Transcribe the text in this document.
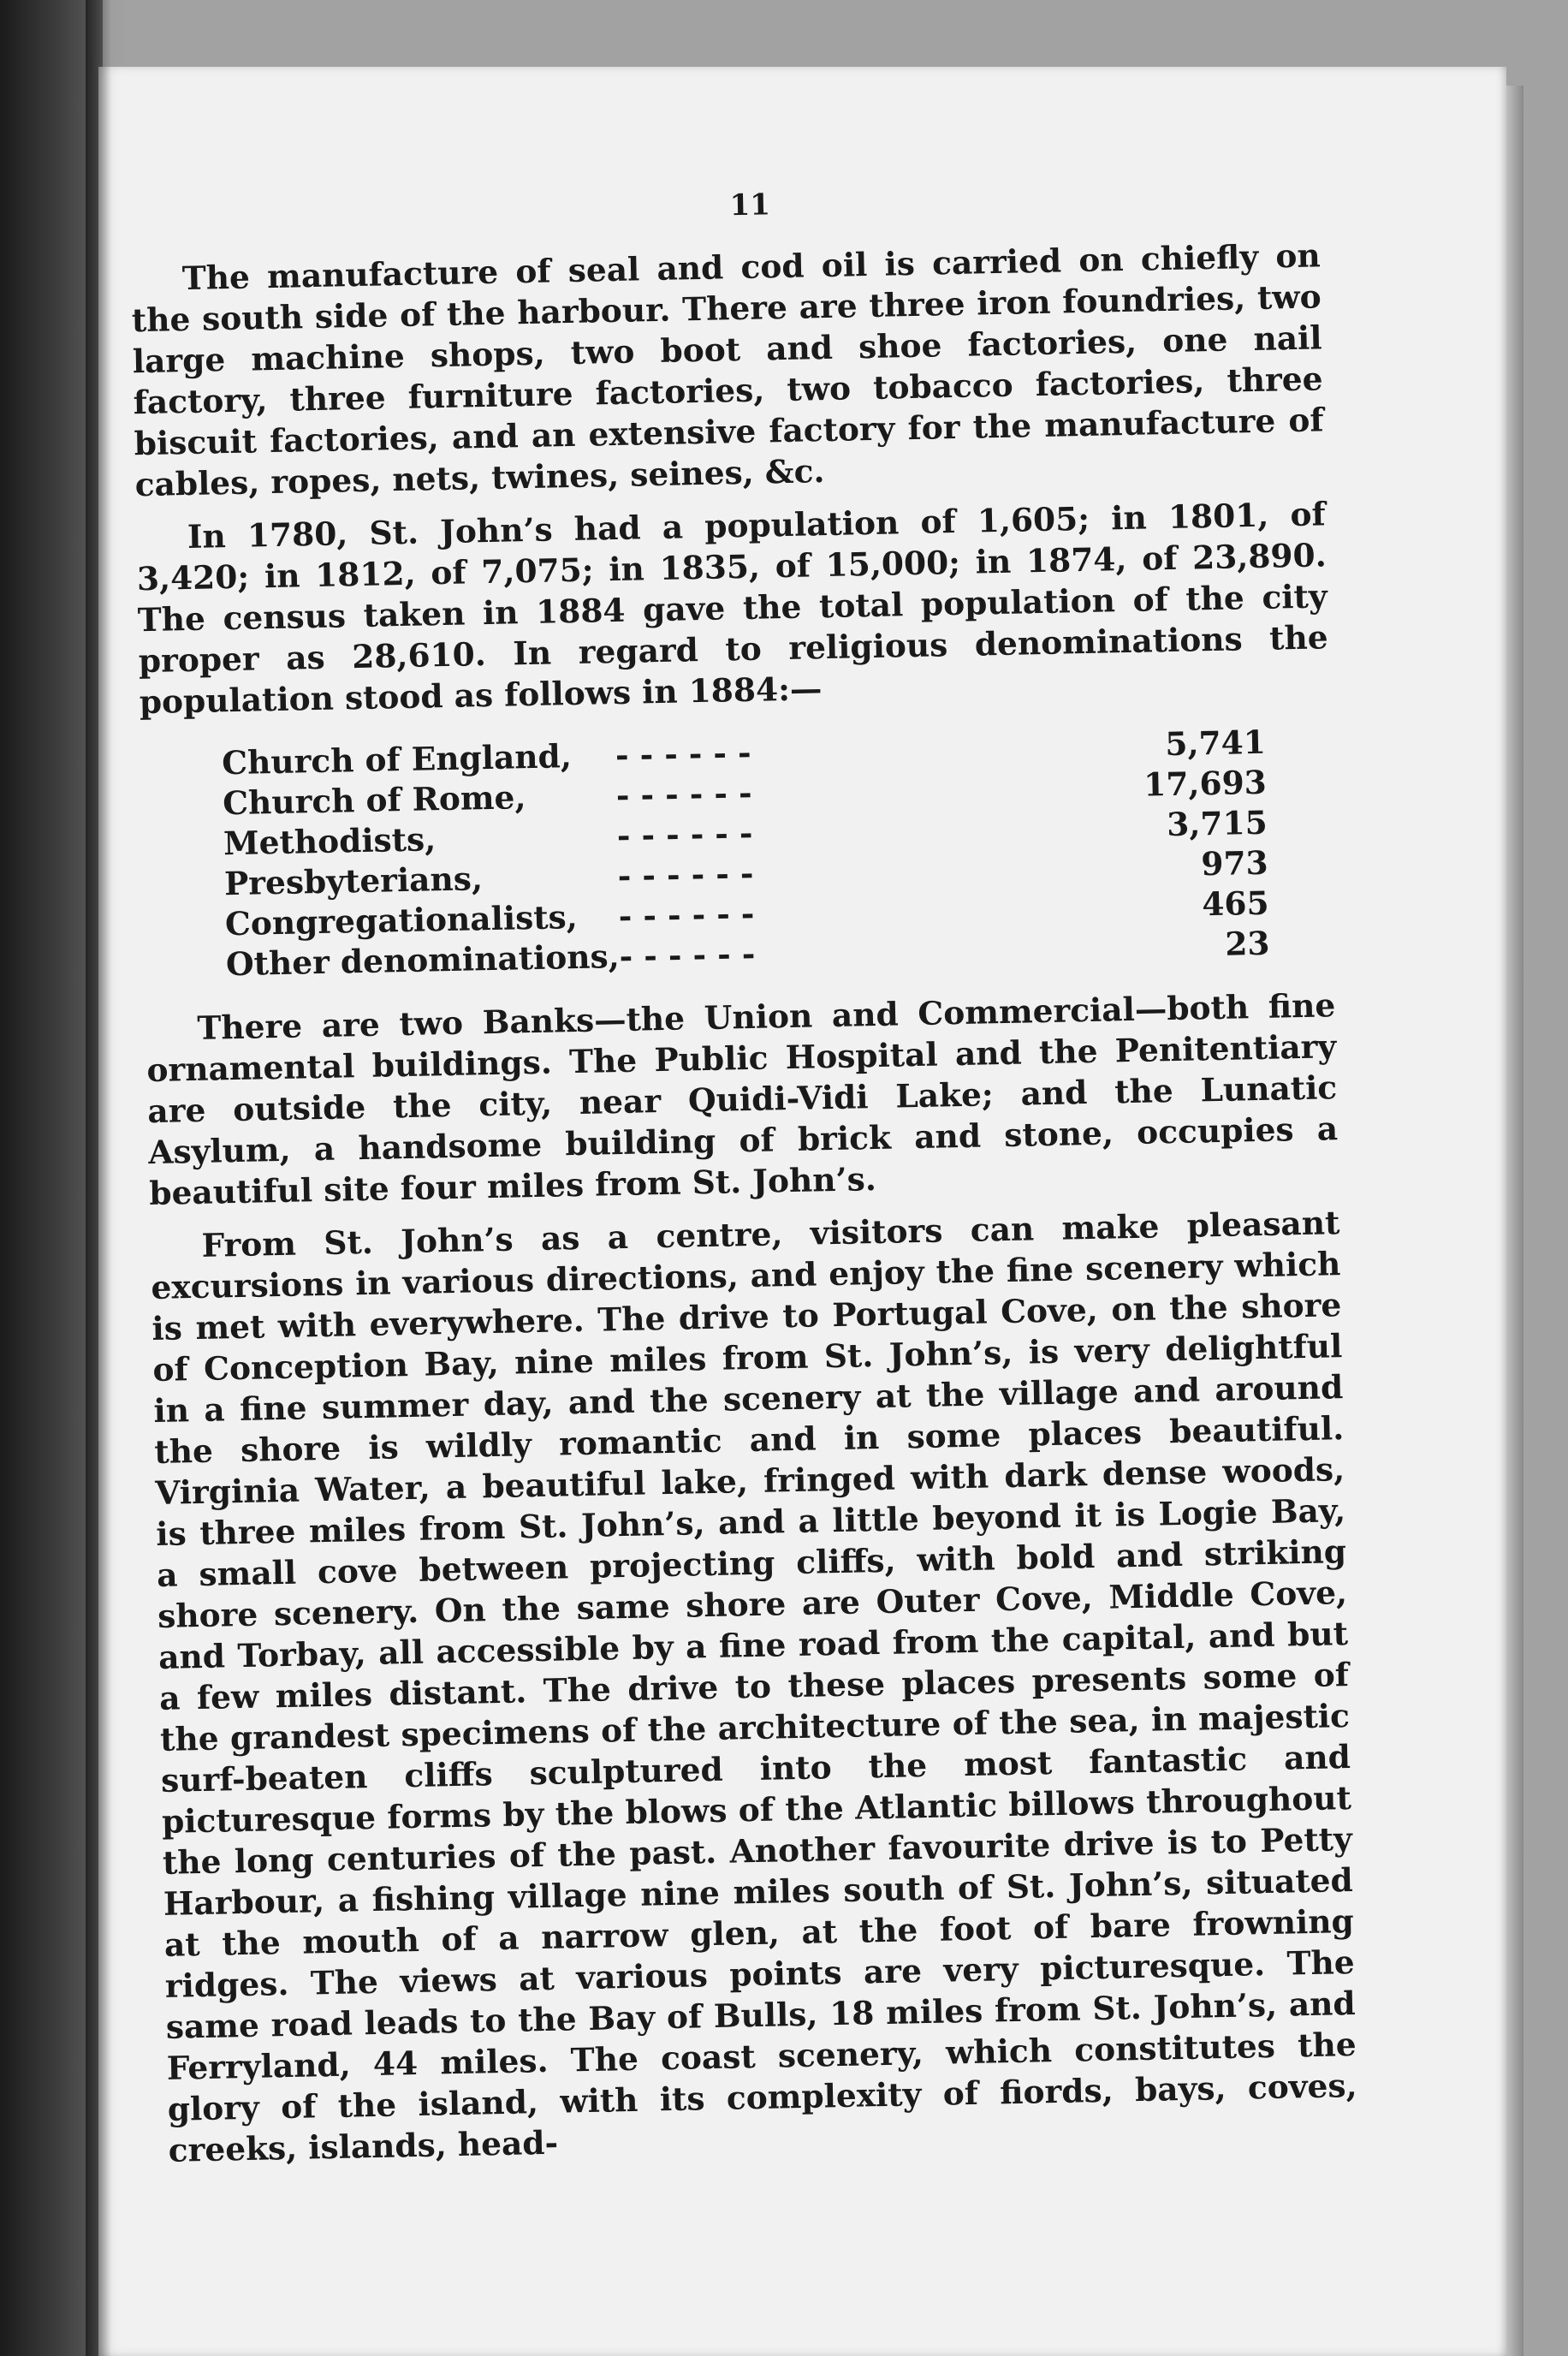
11

The manufacture of seal and cod oil is carried on chiefly on the south side of the harbour. There are three iron foundries, two large machine shops, two boot and shoe factories, one nail factory, three furniture factories, two tobacco factories, three biscuit factories, and an extensive factory for the manufacture of cables, ropes, nets, twines, seines, &c.

In 1780, St. John’s had a population of 1,605; in 1801, of 3,420; in 1812, of 7,075; in 1835, of 15,000; in 1874, of 23,890. The census taken in 1884 gave the total population of the city proper as 28,610. In regard to religious denominations the population stood as follows in 1884:—

Church of England,	- - - - - -	5,741
Church of Rome,	- - - - - -	17,693
Methodists,	- - - - - -	3,715
Presbyterians,	- - - - - -	973
Congregationalists,	- - - - - -	465
Other denominations,	- - - - - -	23

There are two Banks—the Union and Commercial—both fine ornamental buildings. The Public Hospital and the Penitentiary are outside the city, near Quidi-Vidi Lake; and the Lunatic Asylum, a handsome building of brick and stone, occupies a beautiful site four miles from St. John’s.

From St. John’s as a centre, visitors can make pleasant excursions in various directions, and enjoy the fine scenery which is met with everywhere. The drive to Portugal Cove, on the shore of Conception Bay, nine miles from St. John’s, is very delightful in a fine summer day, and the scenery at the village and around the shore is wildly romantic and in some places beautiful. Virginia Water, a beautiful lake, fringed with dark dense woods, is three miles from St. John’s, and a little beyond it is Logie Bay, a small cove between projecting cliffs, with bold and striking shore scenery. On the same shore are Outer Cove, Middle Cove, and Torbay, all accessible by a fine road from the capital, and but a few miles distant. The drive to these places presents some of the grandest specimens of the architecture of the sea, in majestic surf-beaten cliffs sculptured into the most fantastic and picturesque forms by the blows of the Atlantic billows throughout the long centuries of the past. Another favourite drive is to Petty Harbour, a fishing village nine miles south of St. John’s, situated at the mouth of a narrow glen, at the foot of bare frowning ridges. The views at various points are very picturesque. The same road leads to the Bay of Bulls, 18 miles from St. John’s, and Ferryland, 44 miles. The coast scenery, which constitutes the glory of the island, with its complexity of fiords, bays, coves, creeks, islands, head-
